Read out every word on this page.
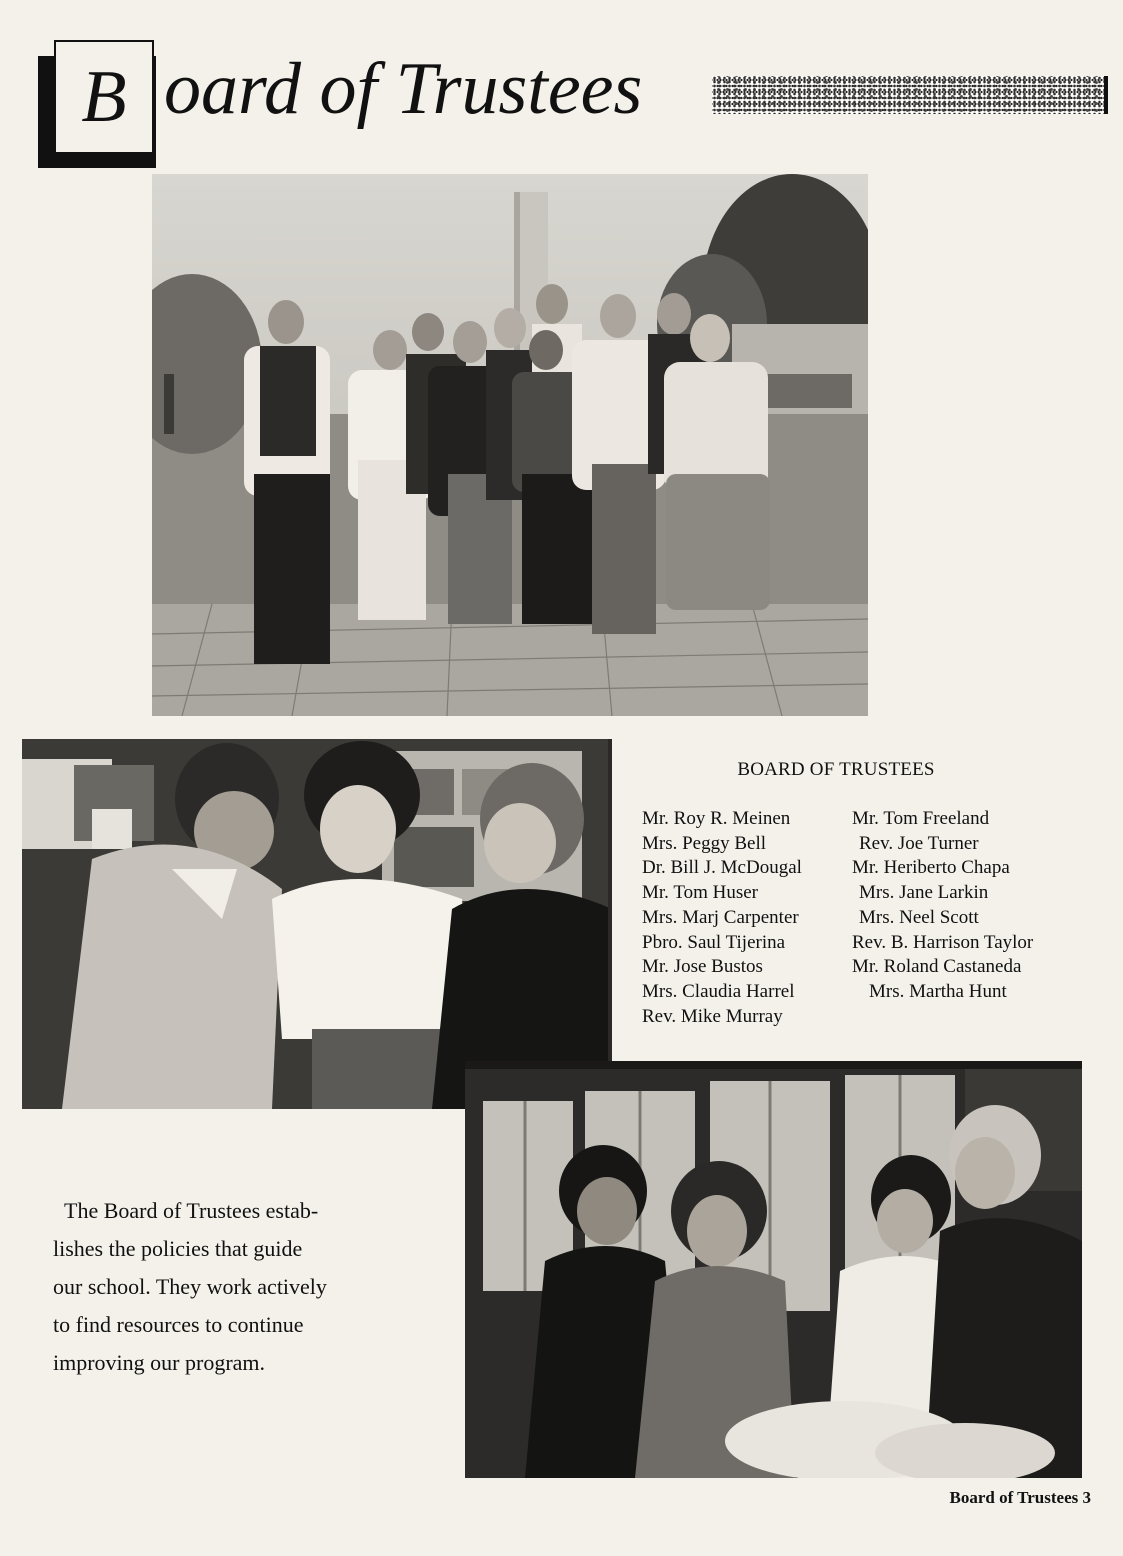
B oard of Trustees
BOARD OF TRUSTEES
Mr. Roy R. Meinen
Mrs. Peggy Bell
Dr. Bill J. McDougal
Mr. Tom Huser
Mrs. Marj Carpenter
Pbro. Saul Tijerina
Mr. Jose Bustos
Mrs. Claudia Harrel
Rev. Mike Murray
Mr. Tom Freeland
Rev. Joe Turner
Mr. Heriberto Chapa
Mrs. Jane Larkin
Mrs. Neel Scott
Rev. B. Harrison Taylor
Mr. Roland Castaneda
Mrs. Martha Hunt
The Board of Trustees estab-
lishes the policies that guide
our school. They work actively
to find resources to continue
improving our program.
Board of Trustees 3
